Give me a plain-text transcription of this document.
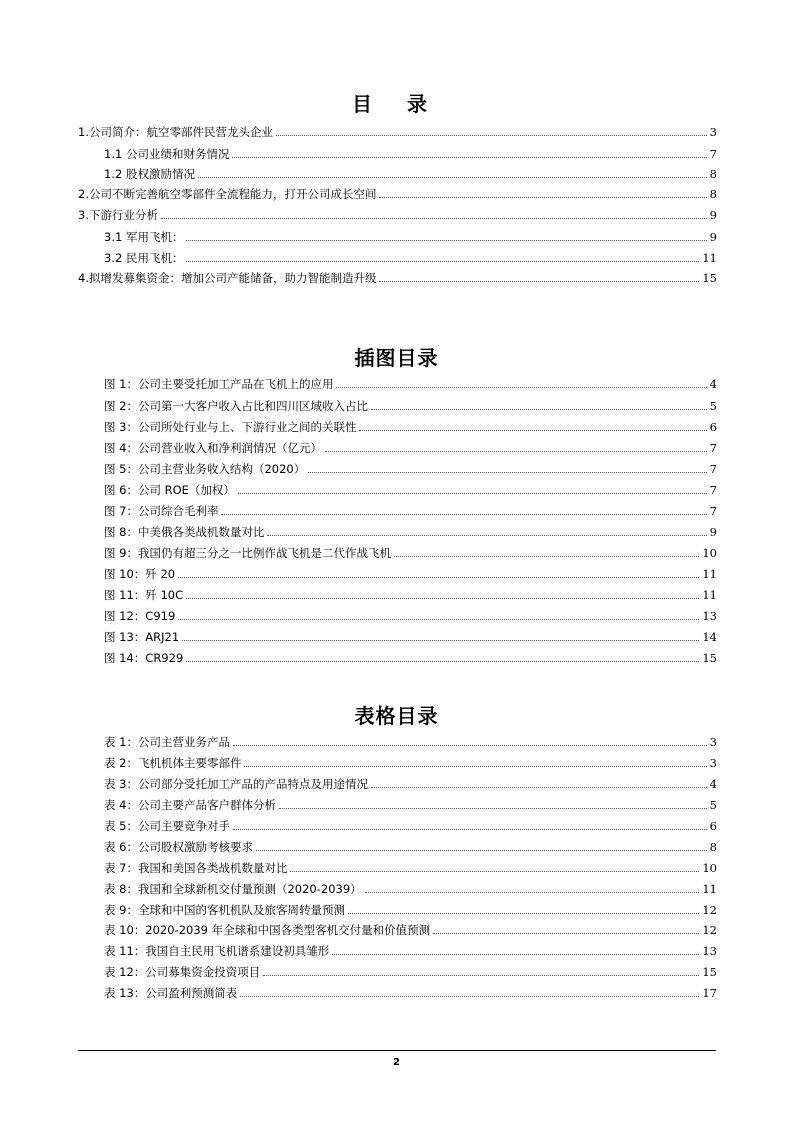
目 录
1.公司简介：航空零部件民营龙头企业	3
1.1 公司业绩和财务情况	7
1.2 股权激励情况	8
2.公司不断完善航空零部件全流程能力，打开公司成长空间	8
3.下游行业分析	9
3.1 军用飞机：	9
3.2 民用飞机：	11
4.拟增发募集资金：增加公司产能储备，助力智能制造升级	15
插图目录
图 1：公司主要受托加工产品在飞机上的应用	4
图 2：公司第一大客户收入占比和四川区域收入占比	5
图 3：公司所处行业与上、下游行业之间的关联性	6
图 4：公司营业收入和净利润情况（亿元）	7
图 5：公司主营业务收入结构（2020）	7
图 6：公司 ROE（加权）	7
图 7：公司综合毛利率	7
图 8：中美俄各类战机数量对比	9
图 9：我国仍有超三分之一比例作战飞机是二代作战飞机	10
图 10：歼 20	11
图 11：歼 10C	11
图 12：C919	13
图 13：ARJ21	14
图 14：CR929	15
表格目录
表 1：公司主营业务产品	3
表 2：飞机机体主要零部件	3
表 3：公司部分受托加工产品的产品特点及用途情况	4
表 4：公司主要产品客户群体分析	5
表 5：公司主要竞争对手	6
表 6：公司股权激励考核要求	8
表 7：我国和美国各类战机数量对比	10
表 8：我国和全球新机交付量预测（2020-2039）	11
表 9：全球和中国的客机机队及旅客周转量预测	12
表 10：2020-2039 年全球和中国各类型客机交付量和价值预测	12
表 11：我国自主民用飞机谱系建设初具雏形	13
表 12：公司募集资金投资项目	15
表 13：公司盈利预测简表	17
2
